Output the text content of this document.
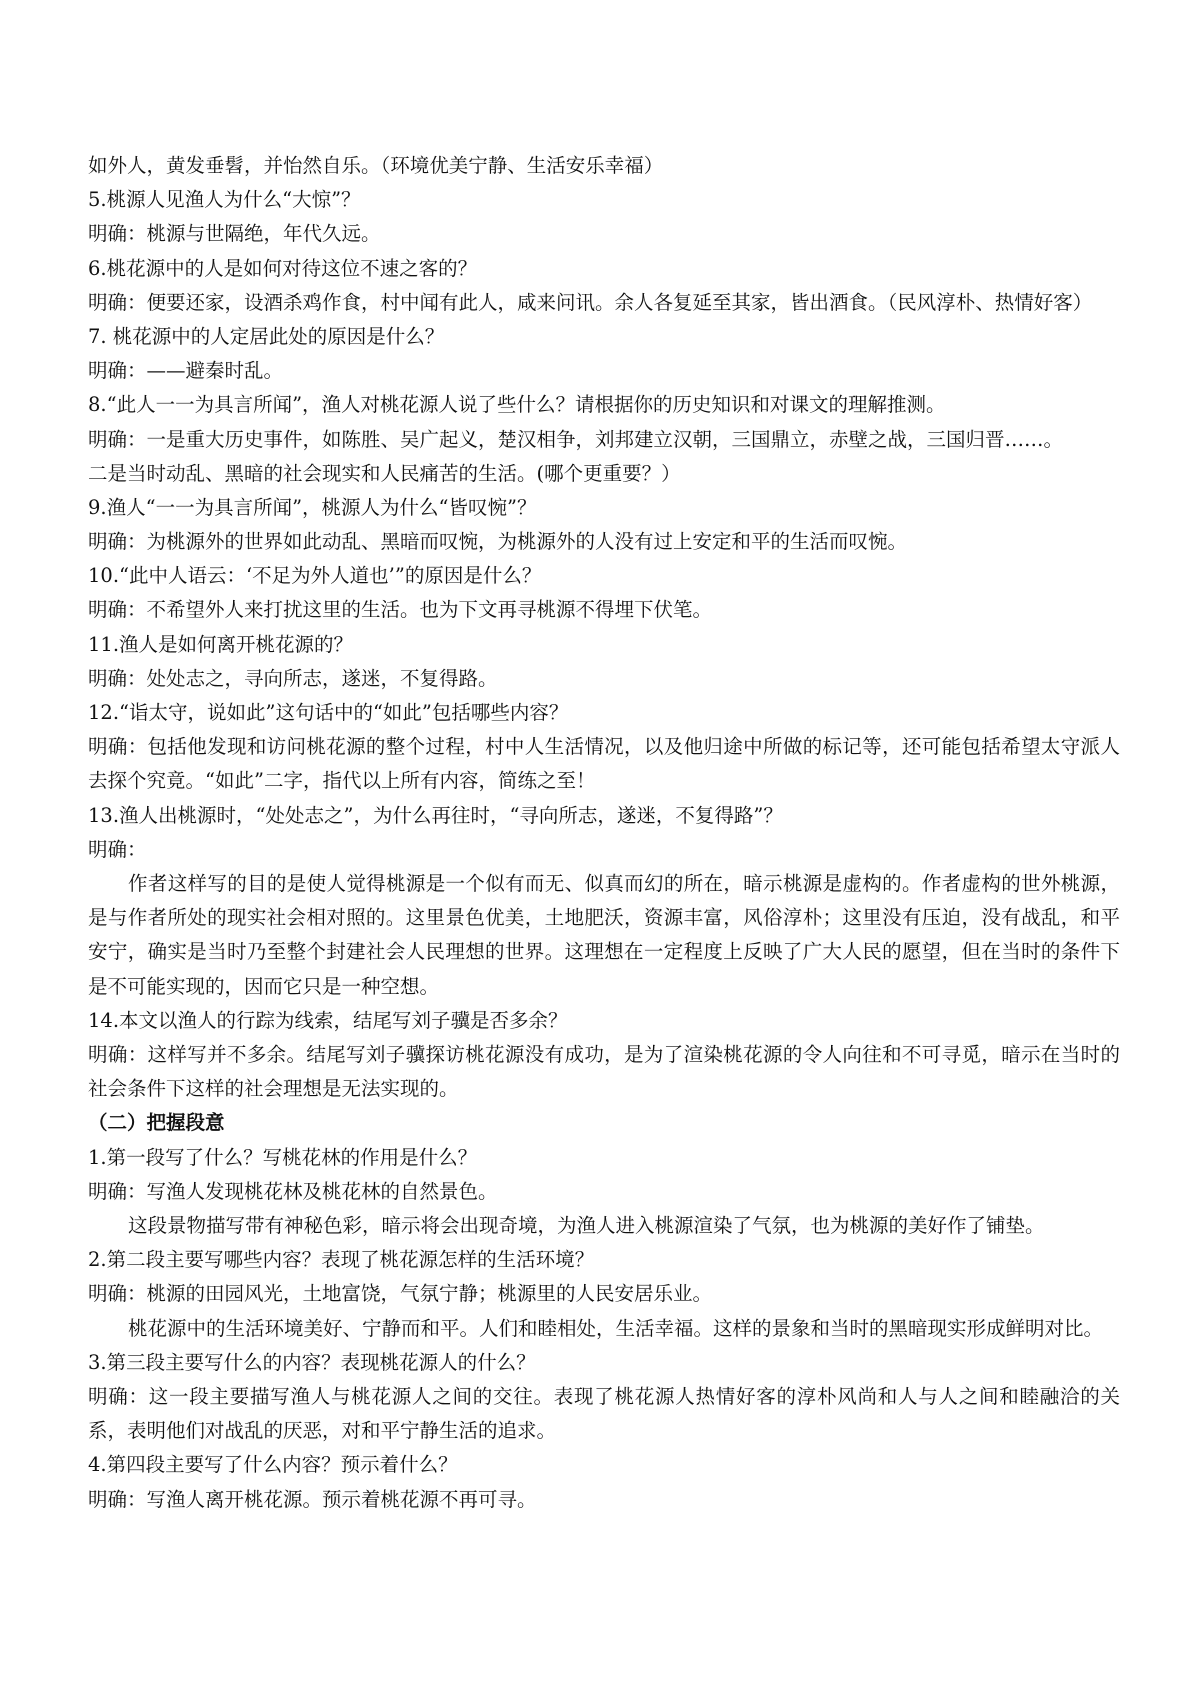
如外人，黄发垂髫，并怡然自乐。（环境优美宁静、生活安乐幸福）
5.桃源人见渔人为什么“大惊”？
明确：桃源与世隔绝，年代久远。
6.桃花源中的人是如何对待这位不速之客的？
明确：便要还家，设酒杀鸡作食，村中闻有此人，咸来问讯。余人各复延至其家，皆出酒食。（民风淳朴、热情好客）
7. 桃花源中的人定居此处的原因是什么？
明确：——避秦时乱。
8.“此人一一为具言所闻”，渔人对桃花源人说了些什么？请根据你的历史知识和对课文的理解推测。
明确：一是重大历史事件，如陈胜、吴广起义，楚汉相争，刘邦建立汉朝，三国鼎立，赤壁之战，三国归晋……。
二是当时动乱、黑暗的社会现实和人民痛苦的生活。(哪个更重要？）
9.渔人“一一为具言所闻”，桃源人为什么“皆叹惋”？
明确：为桃源外的世界如此动乱、黑暗而叹惋，为桃源外的人没有过上安定和平的生活而叹惋。
10.“此中人语云：‘不足为外人道也’”的原因是什么？
明确：不希望外人来打扰这里的生活。也为下文再寻桃源不得埋下伏笔。
11.渔人是如何离开桃花源的？
明确：处处志之，寻向所志，遂迷，不复得路。
12.“诣太守，说如此”这句话中的“如此”包括哪些内容？
明确：包括他发现和访问桃花源的整个过程，村中人生活情况，以及他归途中所做的标记等，还可能包括希望太守派人去探个究竟。“如此”二字，指代以上所有内容，简练之至！
13.渔人出桃源时，“处处志之”，为什么再往时，“寻向所志，遂迷，不复得路”？
明确：
作者这样写的目的是使人觉得桃源是一个似有而无、似真而幻的所在，暗示桃源是虚构的。作者虚构的世外桃源，是与作者所处的现实社会相对照的。这里景色优美，土地肥沃，资源丰富，风俗淳朴；这里没有压迫，没有战乱，和平安宁，确实是当时乃至整个封建社会人民理想的世界。这理想在一定程度上反映了广大人民的愿望，但在当时的条件下是不可能实现的，因而它只是一种空想。
14.本文以渔人的行踪为线索，结尾写刘子骥是否多余？
明确：这样写并不多余。结尾写刘子骥探访桃花源没有成功，是为了渲染桃花源的令人向往和不可寻觅，暗示在当时的社会条件下这样的社会理想是无法实现的。
（二）把握段意
1.第一段写了什么？写桃花林的作用是什么？
明确：写渔人发现桃花林及桃花林的自然景色。
这段景物描写带有神秘色彩，暗示将会出现奇境，为渔人进入桃源渲染了气氛，也为桃源的美好作了铺垫。
2.第二段主要写哪些内容？表现了桃花源怎样的生活环境？
明确：桃源的田园风光，土地富饶，气氛宁静；桃源里的人民安居乐业。
桃花源中的生活环境美好、宁静而和平。人们和睦相处，生活幸福。这样的景象和当时的黑暗现实形成鲜明对比。
3.第三段主要写什么的内容？表现桃花源人的什么？
明确：这一段主要描写渔人与桃花源人之间的交往。表现了桃花源人热情好客的淳朴风尚和人与人之间和睦融洽的关系，表明他们对战乱的厌恶，对和平宁静生活的追求。
4.第四段主要写了什么内容？预示着什么？
明确：写渔人离开桃花源。预示着桃花源不再可寻。
